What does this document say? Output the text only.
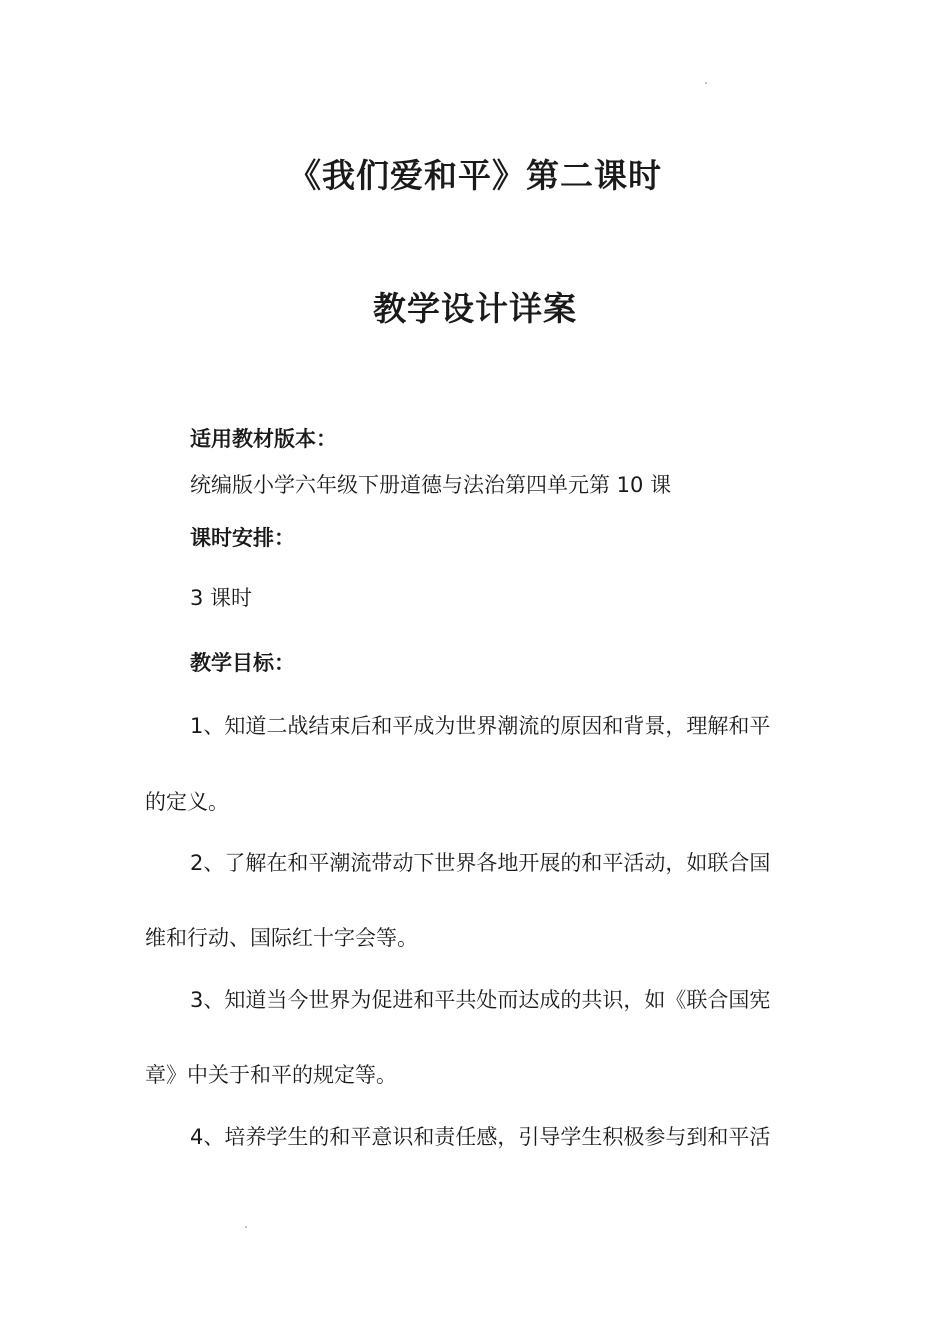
《我们爱和平》第二课时
教学设计详案
适用教材版本：
统编版小学六年级下册道德与法治第四单元第 10 课
课时安排：
3 课时
教学目标：
1、知道二战结束后和平成为世界潮流的原因和背景，理解和平
的定义。
2、了解在和平潮流带动下世界各地开展的和平活动，如联合国
维和行动、国际红十字会等。
3、知道当今世界为促进和平共处而达成的共识，如《联合国宪
章》中关于和平的规定等。
4、培养学生的和平意识和责任感，引导学生积极参与到和平活
